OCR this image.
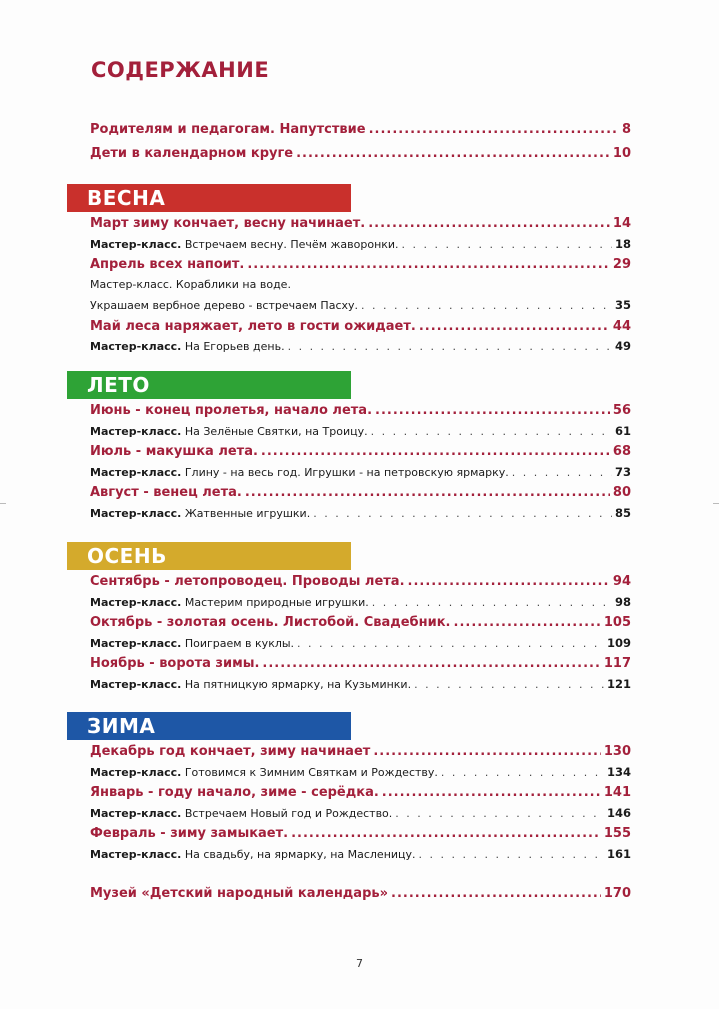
СОДЕРЖАНИЕ
Родителям и педагогам. Напутствие .....	8
Дети в календарном круге .....	10
ВЕСНА
Март зиму кончает, весну начинает. .....	14
Мастер-класс. Встречаем весну. Печём жаворонки. . . .	18
Апрель всех напоит. .....	29
Мастер-класс. Кораблики на воде.
Украшаем вербное дерево - встречаем Пасху. . . .	35
Май леса наряжает, лето в гости ожидает. .....	44
Мастер-класс. На Егорьев день. . . .	49
ЛЕТО
Июнь - конец пролетья, начало лета. .....	56
Мастер-класс. На Зелёные Святки, на Троицу. . . .	61
Июль - макушка лета. .....	68
Мастер-класс. Глину - на весь год. Игрушки - на петровскую ярмарку. . . .	73
Август - венец лета. .....	80
Мастер-класс. Жатвенные игрушки. . . .	85
ОСЕНЬ
Сентябрь - летопроводец. Проводы лета. .....	94
Мастер-класс. Мастерим природные игрушки. . . .	98
Октябрь - золотая осень. Листобой. Свадебник. .....	105
Мастер-класс. Поиграем в куклы. . . .	109
Ноябрь - ворота зимы. .....	117
Мастер-класс. На пятницкую ярмарку, на Кузьминки. . . .	121
ЗИМА
Декабрь год кончает, зиму начинает .....	130
Мастер-класс. Готовимся к Зимним Святкам и Рождеству. . . .	134
Январь - году начало, зиме - серёдка. .....	141
Мастер-класс. Встречаем Новый год и Рождество. . . .	146
Февраль - зиму замыкает. .....	155
Мастер-класс. На свадьбу, на ярмарку, на Масленицу. . . .	161
Музей «Детский народный календарь» .....	170
7
